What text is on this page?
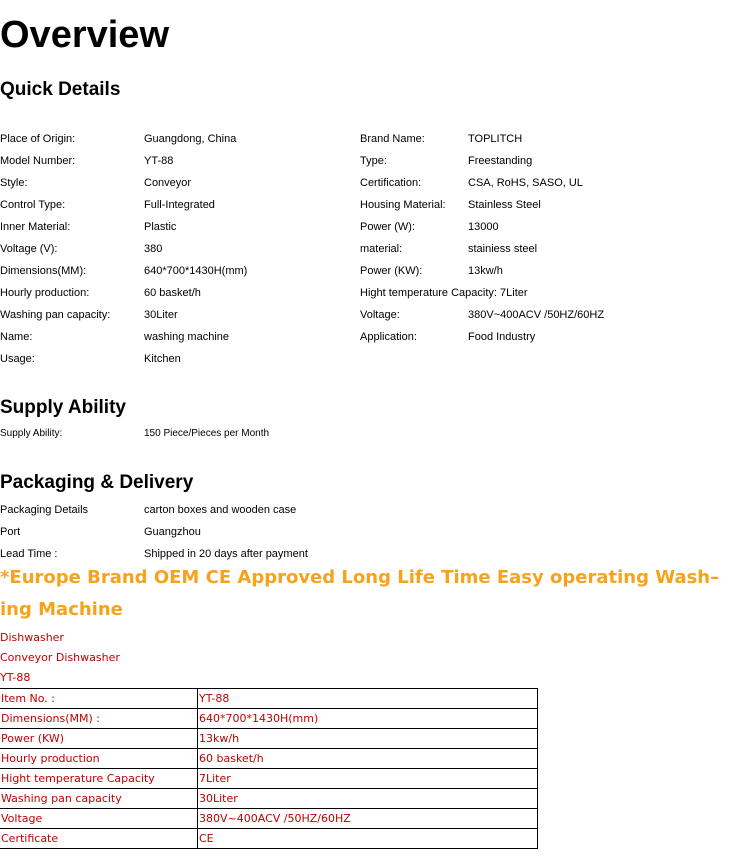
Overview
Quick Details
Place of Origin:	Guangdong, China	Brand Name:	TOPLITCH
Model Number:	YT-88	Type:	Freestanding
Style:	Conveyor	Certification:	CSA, RoHS, SASO, UL
Control Type:	Full-Integrated	Housing Material: Stainless Steel
Inner Material:	Plastic	Power (W):	13000
Voltage (V):	380	material:	stainiess steel
Dimensions(MM):	640*700*1430H(mm)	Power (KW):	13kw/h
Hourly production:	60 basket/h	Hight temperature Capacity: 7Liter
Washing pan capacity:	30Liter	Voltage:	380V~400ACV /50HZ/60HZ
Name:	washing machine	Application:	Food Industry
Usage:	Kitchen
Supply Ability
Supply Ability:	150 Piece/Pieces per Month
Packaging & Delivery
Packaging Details	carton boxes and wooden case
Port	Guangzhou
Lead Time :	Shipped in 20 days after payment
*Europe Brand OEM CE Approved Long Life Time Easy operating Wash–ing Machine
Dishwasher
Conveyor Dishwasher
YT-88
Item No. :	YT-88
Dimensions(MM) :	640*700*1430H(mm)
Power (KW)	13kw/h
Hourly production	60 basket/h
Hight temperature Capacity	7Liter
Washing pan capacity	30Liter
Voltage	380V~400ACV /50HZ/60HZ
Certificate	CE
